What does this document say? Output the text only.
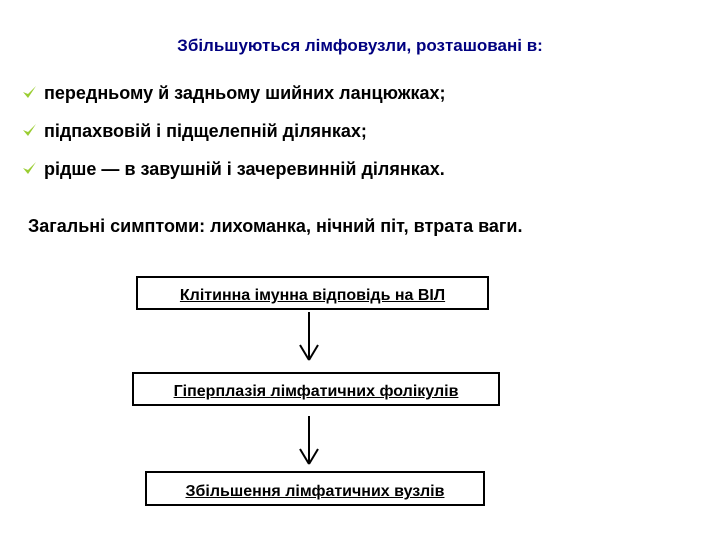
Збільшуються лімфовузли, розташовані в:
передньому й задньому шийних ланцюжках;
підпахвовій і підщелепній ділянках;
рідше — в завушній і зачеревинній ділянках.
Загальні симптоми: лихоманка, нічний піт, втрата ваги.
Клітинна імунна відповідь на ВІЛ
Гіперплазія лімфатичних фолікулів
Збільшення лімфатичних вузлів
